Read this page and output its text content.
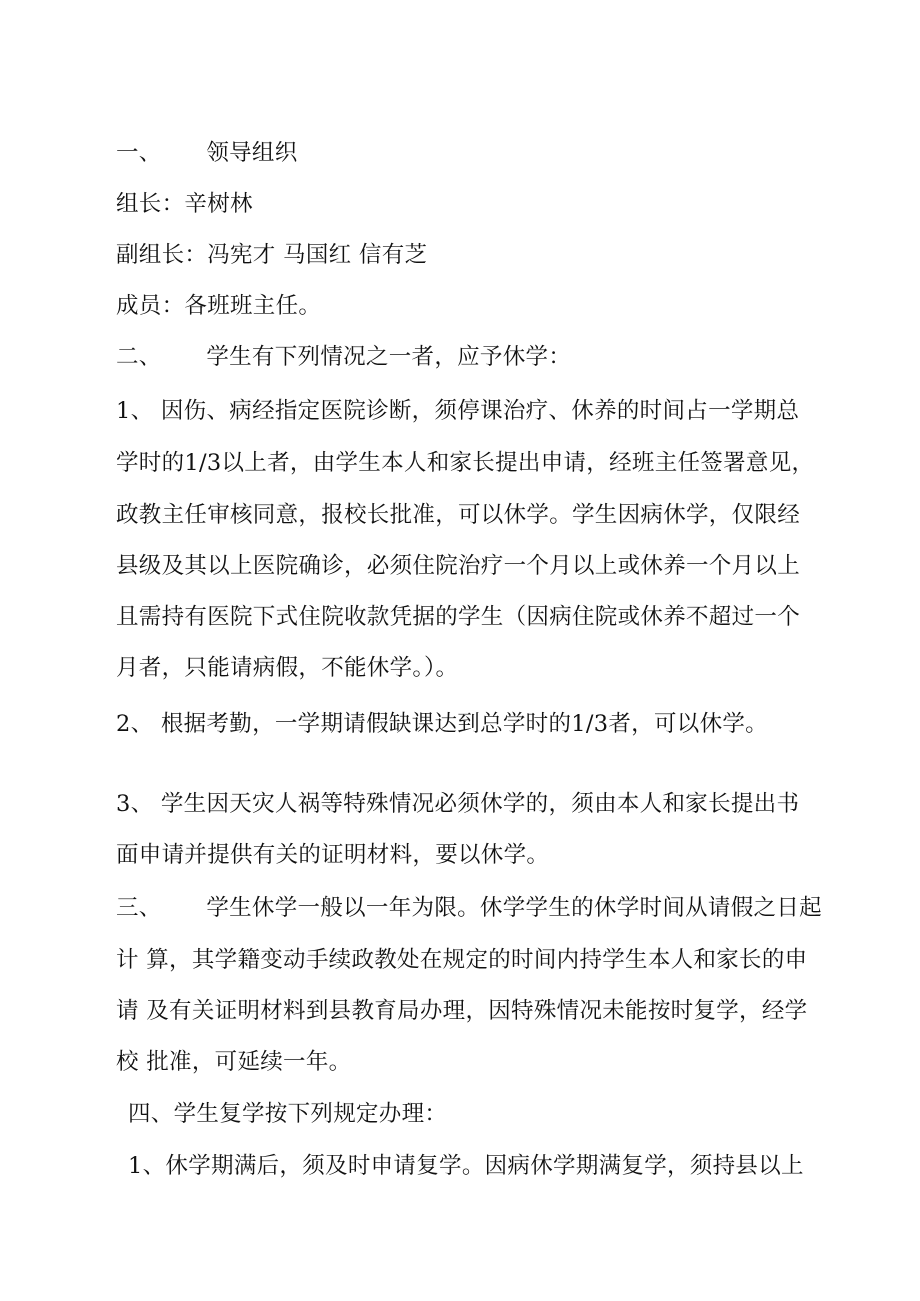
一、      领导组织
组长：辛树林
副组长：冯宪才 马国红 信有芝
成员：各班班主任。
二、      学生有下列情况之一者，应予休学：
1、 因伤、病经指定医院诊断，须停课治疗、休养的时间占一学期总
学时的1/3以上者，由学生本人和家长提出申请，经班主任签署意见，
政教主任审核同意，报校长批准，可以休学。学生因病休学，仅限经
县级及其以上医院确诊，必须住院治疗一个月以上或休养一个月以上
且需持有医院下式住院收款凭据的学生（因病住院或休养不超过一个
月者，只能请病假，不能休学。）。
2、 根据考勤，一学期请假缺课达到总学时的1/3者，可以休学。
3、 学生因天灾人祸等特殊情况必须休学的，须由本人和家长提出书
面申请并提供有关的证明材料，要以休学。
三、      学生休学一般以一年为限。休学学生的休学时间从请假之日起
计 算，其学籍变动手续政教处在规定的时间内持学生本人和家长的申
请 及有关证明材料到县教育局办理，因特殊情况未能按时复学，经学
校 批准，可延续一年。
四、学生复学按下列规定办理：
1、休学期满后，须及时申请复学。因病休学期满复学，须持县以上
